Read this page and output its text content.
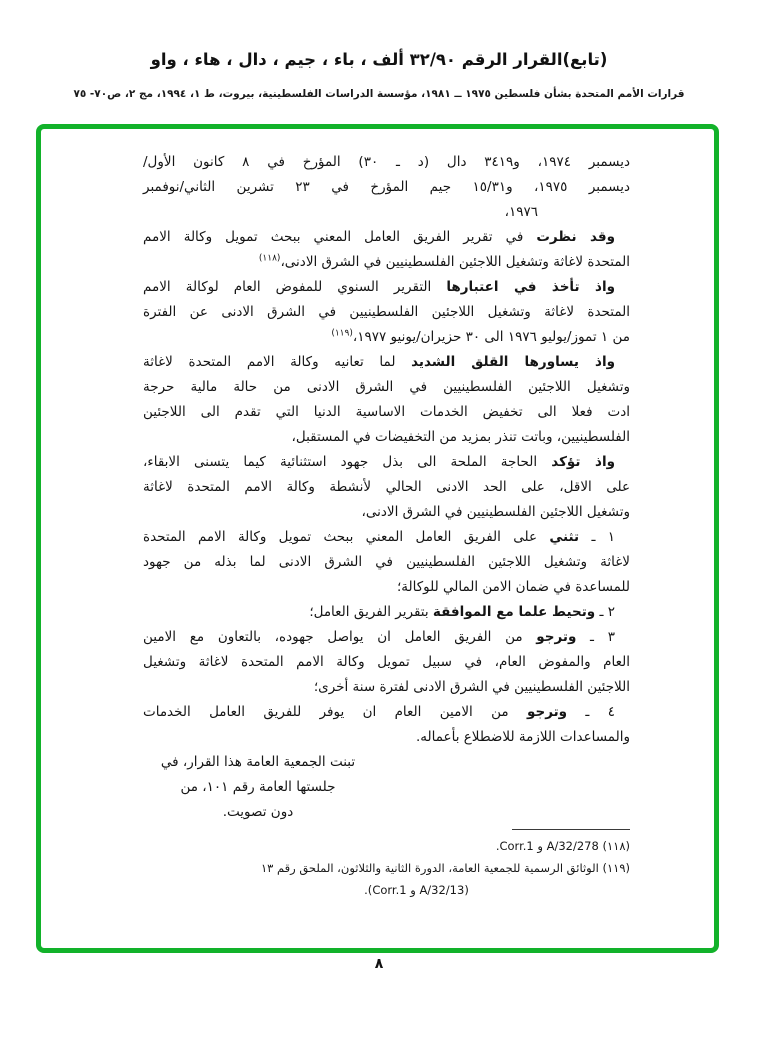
(تابع)القرار الرقم ٣٢/٩٠ ألف ، باء ، جيم ، دال ، هاء ، واو
قرارات الأمم المتحدة بشأن فلسطين ١٩٧٥ ــ ١٩٨١، مؤسسة الدراسات الفلسطينية، بيروت، ط ١، ١٩٩٤، مج ٢، ص٧٠- ٧٥
ديسمبر ١٩٧٤، و٣٤١٩ دال (د ـ ٣٠) المؤرخ في ٨ كانون الأول/
ديسمبر ١٩٧٥، و١٥/٣١ جيم المؤرخ في ٢٣ تشرين الثاني/نوفمبر
١٩٧٦،
وقد نظرت في تقرير الفريق العامل المعني ببحث تمويل وكالة الامم
المتحدة لاغاثة وتشغيل اللاجئين الفلسطينيين في الشرق الادنى،$^{(١١٨)}$
واذ تأخذ في اعتبارها التقرير السنوي للمفوض العام لوكالة الامم
المتحدة لاغاثة وتشغيل اللاجئين الفلسطينيين في الشرق الادنى عن الفترة
من ١ تموز/يوليو ١٩٧٦ الى ٣٠ حزيران/يونيو ١٩٧٧،$^{(١١٩)}$
واذ يساورها القلق الشديد لما تعانيه وكالة الامم المتحدة لاغاثة
وتشغيل اللاجئين الفلسطينيين في الشرق الادنى من حالة مالية حرجة
ادت فعلا الى تخفيض الخدمات الاساسية الدنيا التي تقدم الى اللاجئين
الفلسطينيين، وباتت تنذر بمزيد من التخفيضات في المستقبل،
واذ تؤكد الحاجة الملحة الى بذل جهود استثنائية كيما يتسنى الابقاء،
على الاقل، على الحد الادنى الحالي لأنشطة وكالة الامم المتحدة لاغاثة
وتشغيل اللاجئين الفلسطينيين في الشرق الادنى،
١ ـ تثني على الفريق العامل المعني ببحث تمويل وكالة الامم المتحدة
لاغاثة وتشغيل اللاجئين الفلسطينيين في الشرق الادنى لما بذله من جهود
للمساعدة في ضمان الامن المالي للوكالة؛
٢ ـ وتحيط علما مع الموافقة بتقرير الفريق العامل؛
٣ ـ وترجو من الفريق العامل ان يواصل جهوده، بالتعاون مع الامين
العام والمفوض العام، في سبيل تمويل وكالة الامم المتحدة لاغاثة وتشغيل
اللاجئين الفلسطينيين في الشرق الادنى لفترة سنة أخرى؛
٤ ـ وترجو من الامين العام ان يوفر للفريق العامل الخدمات
والمساعدات اللازمة للاضطلاع بأعماله.
تبنت الجمعية العامة هذا القرار، في
جلستها العامة رقم ١٠١، من
دون تصويت.
(١١٨) A/32/278 و Corr.1.
(١١٩) الوثائق الرسمية للجمعية العامة، الدورة الثانية والثلاثون، الملحق رقم ١٣
(A/32/13 و Corr.1).
٨
